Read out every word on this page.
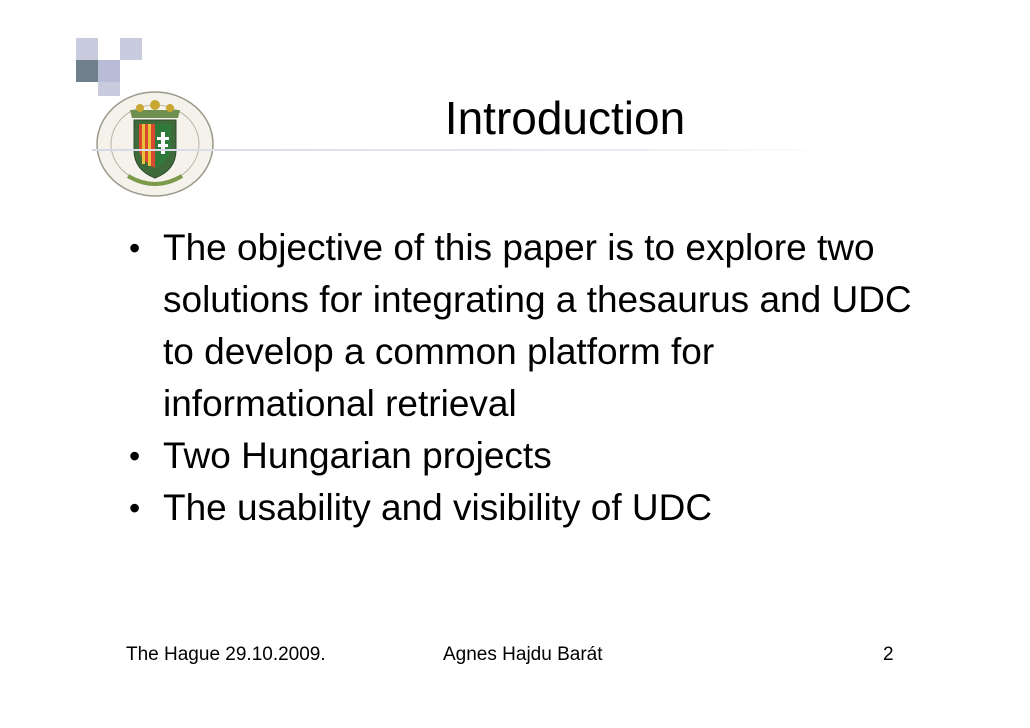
Introduction
• The objective of this paper is to explore two solutions for integrating a thesaurus and UDC to develop a common platform for informational retrieval
• Two Hungarian projects
• The usability and visibility of UDC
The Hague 29.10.2009.	Agnes Hajdu Barát	2
